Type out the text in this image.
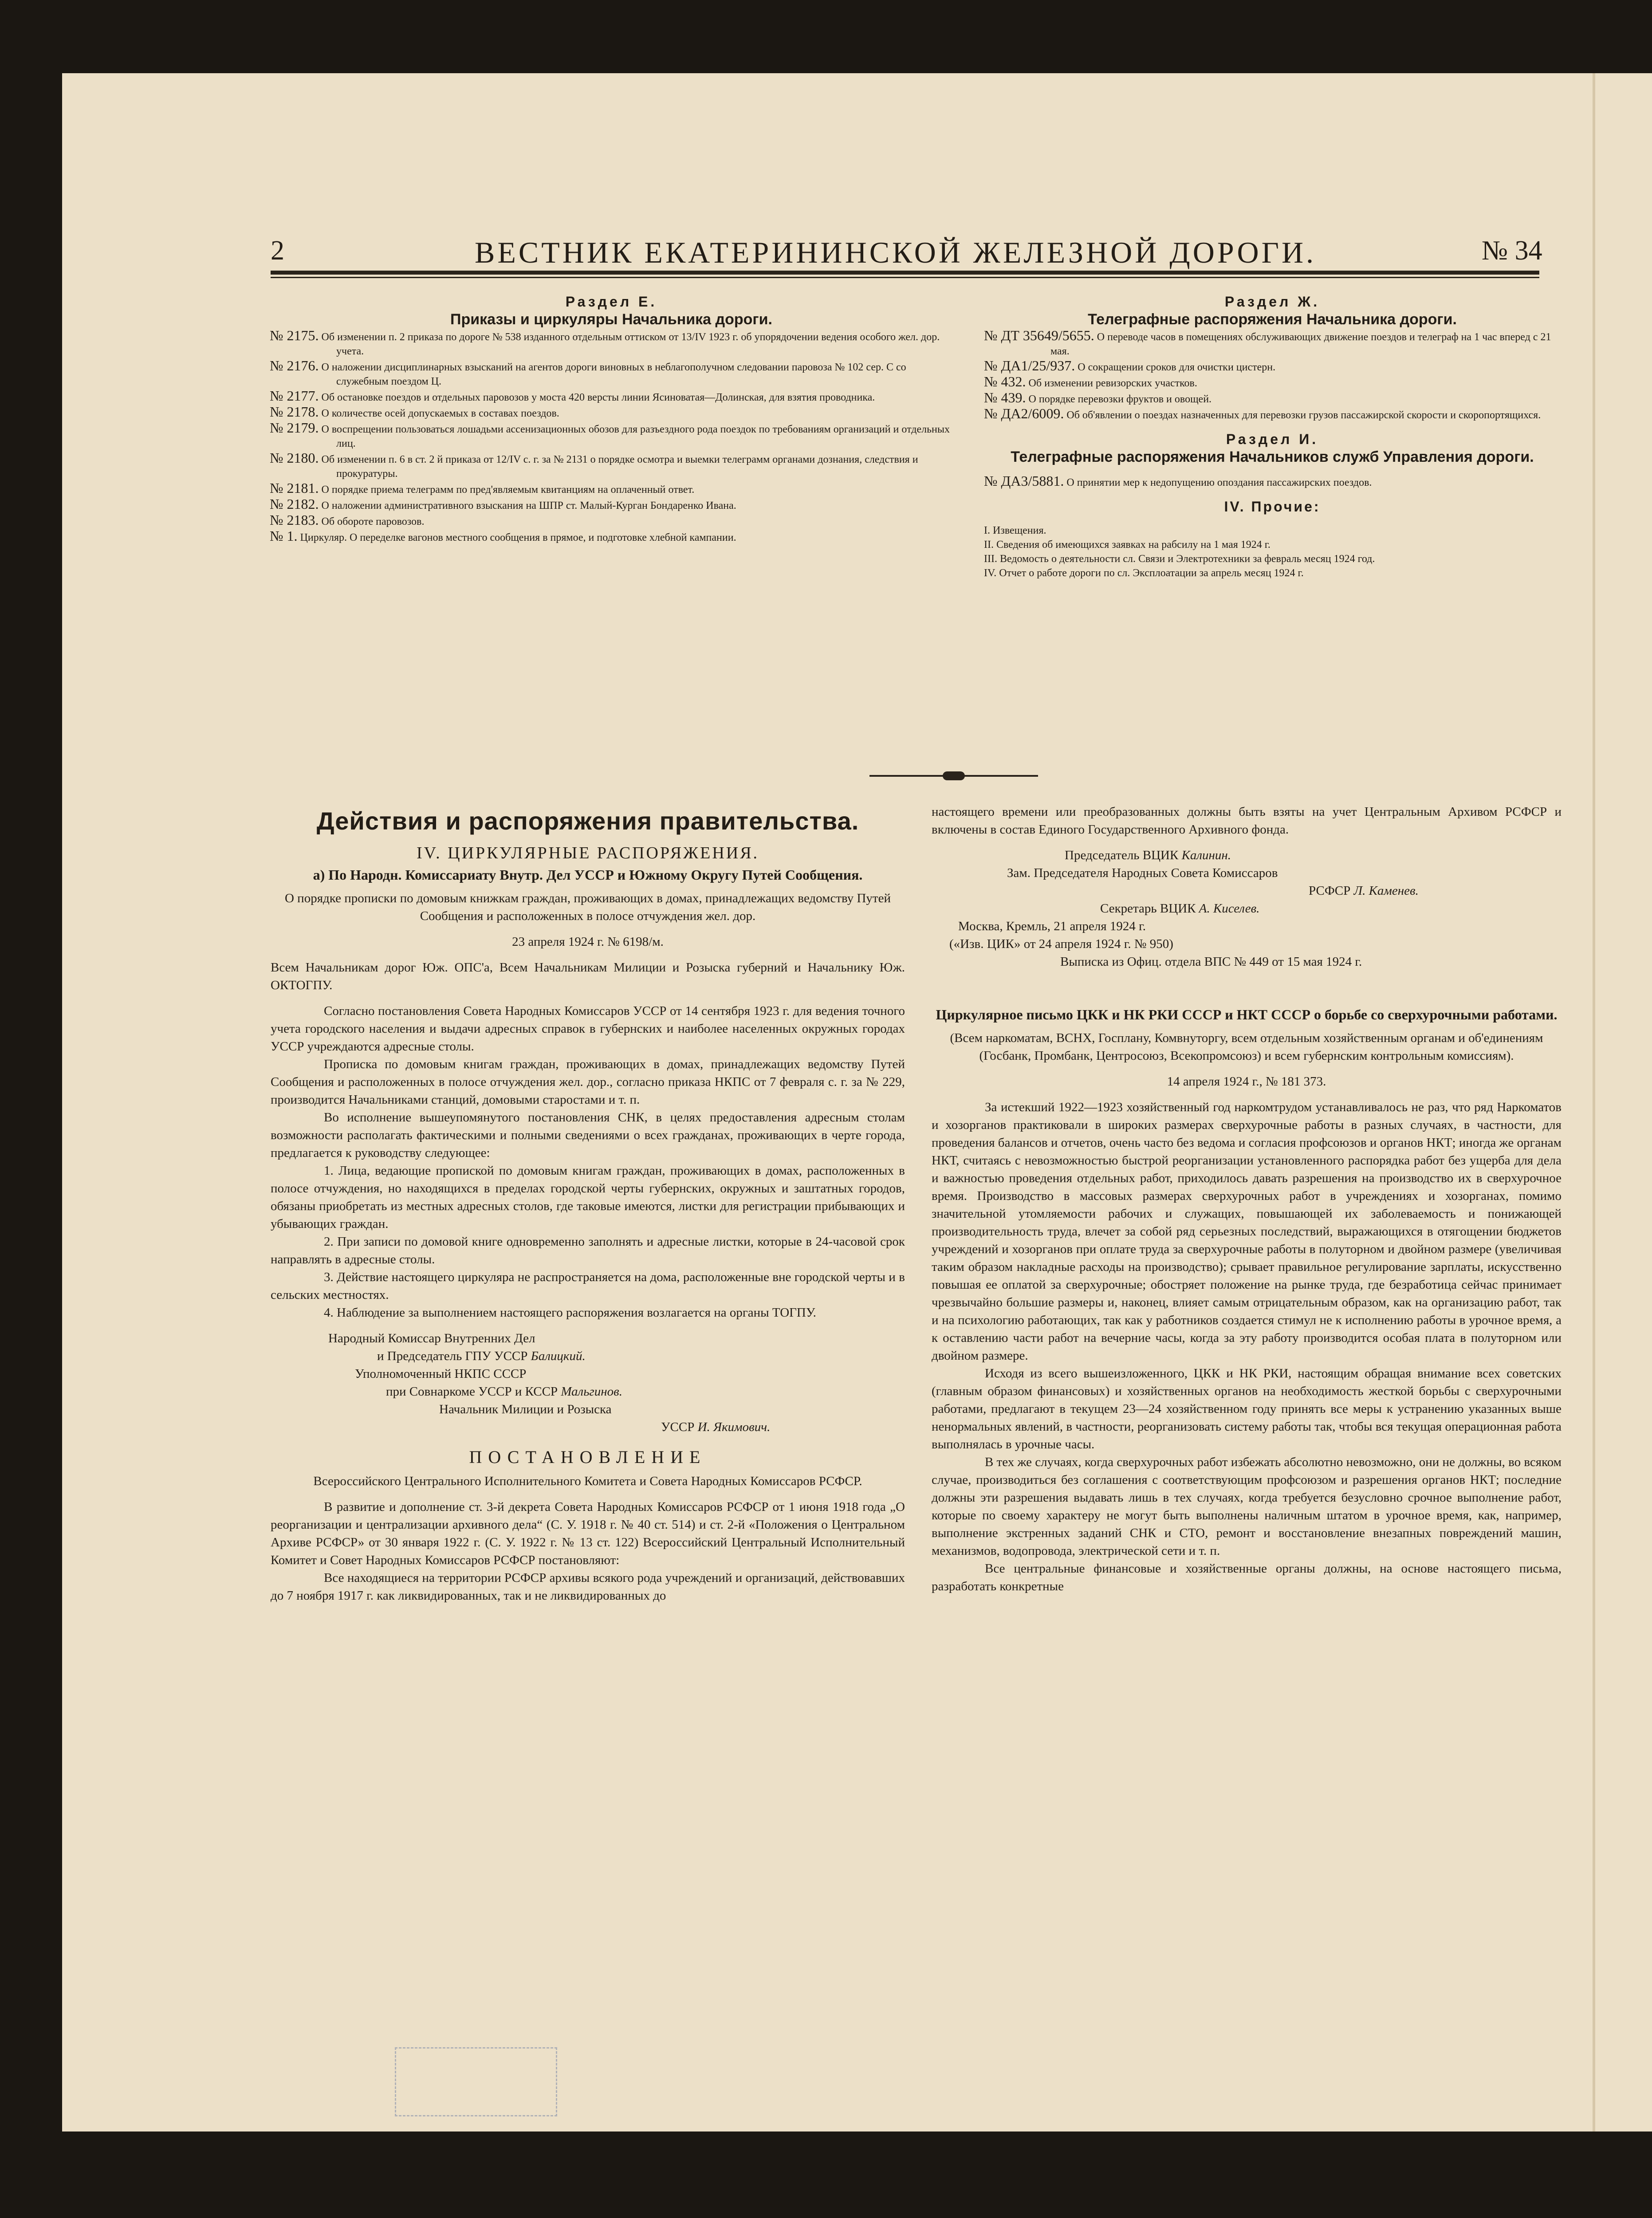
2	ВЕСТНИК ЕКАТЕРИНИНСКОЙ ЖЕЛЕЗНОЙ ДОРОГИ.	№ 34
Раздел Е.
Приказы и циркуляры Начальника дороги.

№ 2175. Об изменении п. 2 приказа по дороге № 538 изданного отдельным оттиском от 13/IV 1923 г. об упорядочении ведения особого жел. дор. учета.

№ 2176. О наложении дисциплинарных взысканий на агентов дороги виновных в неблагополучном следовании паровоза № 102 сер. С со служебным поездом Ц.

№ 2177. Об остановке поездов и отдельных паровозов у моста 420 версты линии Ясиноватая—Долинская, для взятия проводника.

№ 2178. О количестве осей допускаемых в составах поездов.

№ 2179. О воспрещении пользоваться лошадьми ассенизационных обозов для разъездного рода поездок по требованиям организаций и отдельных лиц.

№ 2180. Об изменении п. 6 в ст. 2 й приказа от 12/IV с. г. за № 2131 о порядке осмотра и выемки телеграмм органами дознания, следствия и прокуратуры.

№ 2181. О порядке приема телеграмм по пред'являемым квитанциям на оплаченный ответ.

№ 2182. О наложении административного взыскания на ШПР ст. Малый-Курган Бондаренко Ивана.

№ 2183. Об обороте паровозов.

№ 1. Циркуляр. О переделке вагонов местного сообщения в прямое, и подготовке хлебной кампании.

Раздел Ж.
Телеграфные распоряжения Начальника дороги.

№ ДТ 35649/5655. О переводе часов в помещениях обслуживающих движение поездов и телеграф на 1 час вперед с 21 мая.

№ ДА1/25/937. О сокращении сроков для очистки цистерн.

№ 432. Об изменении ревизорских участков.

№ 439. О порядке перевозки фруктов и овощей.

№ ДА2/6009. Об об'явлении о поездах назначенных для перевозки грузов пассажирской скорости и скоропортящихся.

Раздел И.
Телеграфные распоряжения Начальников служб Управления дороги.

№ ДА3/5881. О принятии мер к недопущению опоздания пассажирских поездов.

IV. Прочие:

I. Извещения.

II. Сведения об имеющихся заявках на рабсилу на 1 мая 1924 г.

III. Ведомость о деятельности сл. Связи и Электротехники за февраль месяц 1924 год.

IV. Отчет о работе дороги по сл. Эксплоатации за апрель месяц 1924 г.

Действия и распоряжения правительства.
IV. ЦИРКУЛЯРНЫЕ РАСПОРЯЖЕНИЯ.
а) По Народн. Комиссариату Внутр. Дел УССР и Южному Округу Путей Сообщения.

О порядке прописки по домовым книжкам граждан, проживающих в домах, принадлежащих ведомству Путей Сообщения и расположенных в полосе отчуждения жел. дор.

23 апреля 1924 г. № 6198/м.

Всем Начальникам дорог Юж. ОПС'а, Всем Начальникам Милиции и Розыска губерний и Начальнику Юж. ОКТОГПУ.

Согласно постановления Совета Народных Комиссаров УССР от 14 сентября 1923 г. для ведения точного учета городского населения и выдачи адресных справок в губернских и наиболее населенных окружных городах УССР учреждаются адресные столы.

Прописка по домовым книгам граждан, проживающих в домах, принадлежащих ведомству Путей Сообщения и расположенных в полосе отчуждения жел. дор., согласно приказа НКПС от 7 февраля с. г. за № 229, производится Начальниками станций, домовыми старостами и т. п.

Во исполнение вышеупомянутого постановления СНК, в целях предоставления адресным столам возможности располагать фактическими и полными сведениями о всех гражданах, проживающих в черте города, предлагается к руководству следующее:

1. Лица, ведающие пропиской по домовым книгам граждан, проживающих в домах, расположенных в полосе отчуждения, но находящихся в пределах городской черты губернских, окружных и заштатных городов, обязаны приобретать из местных адресных столов, где таковые имеются, листки для регистрации прибывающих и убывающих граждан.

2. При записи по домовой книге одновременно заполнять и адресные листки, которые в 24-часовой срок направлять в адресные столы.

3. Действие настоящего циркуляра не распространяется на дома, расположенные вне городской черты и в сельских местностях.

4. Наблюдение за выполнением настоящего распоряжения возлагается на органы ТОГПУ.

Народный Комиссар Внутренних Дел

и Председатель ГПУ УССР Балицкий.

Уполномоченный НКПС СССР

при Совнаркоме УССР и КССР Мальгинов.

Начальник Милиции и Розыска

УССР И. Якимович.

ПОСТАНОВЛЕНИЕ

Всероссийского Центрального Исполнительного Комитета и Совета Народных Комиссаров РСФСР.

В развитие и дополнение ст. 3-й декрета Совета Народных Комиссаров РСФСР от 1 июня 1918 года „О реорганизации и централизации архивного дела“ (С. У. 1918 г. № 40 ст. 514) и ст. 2-й «Положения о Центральном Архиве РСФСР» от 30 января 1922 г. (С. У. 1922 г. № 13 ст. 122) Всероссийский Центральный Исполнительный Комитет и Совет Народных Комиссаров РСФСР постановляют:

Все находящиеся на территории РСФСР архивы всякого рода учреждений и организаций, действовавших до 7 ноября 1917 г. как ликвидированных, так и не ликвидированных до

настоящего времени или преобразованных должны быть взяты на учет Центральным Архивом РСФСР и включены в состав Единого Государственного Архивного фонда.

Председатель ВЦИК Калинин.

Зам. Председателя Народных Совета Комиссаров

РСФСР Л. Каменев.

Секретарь ВЦИК А. Киселев.

Москва, Кремль, 21 апреля 1924 г.

(«Изв. ЦИК» от 24 апреля 1924 г. № 950)

Выписка из Офиц. отдела ВПС № 449 от 15 мая 1924 г.

Циркулярное письмо ЦКК и НК РКИ СССР и НКТ СССР о борьбе со сверхурочными работами.

(Всем наркоматам, ВСНХ, Госплану, Комвнуторгу, всем отдельным хозяйственным органам и об'единениям (Госбанк, Промбанк, Центросоюз, Всекопромсоюз) и всем губернским контрольным комиссиям).

14 апреля 1924 г., № 181 373.

За истекший 1922—1923 хозяйственный год наркомтрудом устанавливалось не раз, что ряд Наркоматов и хозорганов практиковали в широких размерах сверхурочные работы в разных случаях, в частности, для проведения балансов и отчетов, очень часто без ведома и согласия профсоюзов и органов НКТ; иногда же органам НКТ, считаясь с невозможностью быстрой реорганизации установленного распорядка работ без ущерба для дела и важностью проведения отдельных работ, приходилось давать разрешения на производство их в сверхурочное время. Производство в массовых размерах сверхурочных работ в учреждениях и хозорганах, помимо значительной утомляемости рабочих и служащих, повышающей их заболеваемость и понижающей производительность труда, влечет за собой ряд серьезных последствий, выражающихся в отягощении бюджетов учреждений и хозорганов при оплате труда за сверхурочные работы в полуторном и двойном размере (увеличивая таким образом накладные расходы на производство); срывает правильное регулирование зарплаты, искусственно повышая ее оплатой за сверхурочные; обостряет положение на рынке труда, где безработица сейчас принимает чрезвычайно большие размеры и, наконец, влияет самым отрицательным образом, как на организацию работ, так и на психологию работающих, так как у работников создается стимул не к исполнению работы в урочное время, а к оставлению части работ на вечерние часы, когда за эту работу производится особая плата в полуторном или двойном размере.

Исходя из всего вышеизложенного, ЦКК и НК РКИ, настоящим обращая внимание всех советских (главным образом финансовых) и хозяйственных органов на необходимость жесткой борьбы с сверхурочными работами, предлагают в текущем 23—24 хозяйственном году принять все меры к устранению указанных выше ненормальных явлений, в частности, реорганизовать систему работы так, чтобы вся текущая операционная работа выполнялась в урочные часы.

В тех же случаях, когда сверхурочных работ избежать абсолютно невозможно, они не должны, во всяком случае, производиться без соглашения с соответствующим профсоюзом и разрешения органов НКТ; последние должны эти разрешения выдавать лишь в тех случаях, когда требуется безусловно срочное выполнение работ, которые по своему характеру не могут быть выполнены наличным штатом в урочное время, как, например, выполнение экстренных заданий СНК и СТО, ремонт и восстановление внезапных повреждений машин, механизмов, водопровода, электрической сети и т. п.

Все центральные финансовые и хозяйственные органы должны, на основе настоящего письма, разработать конкретные
